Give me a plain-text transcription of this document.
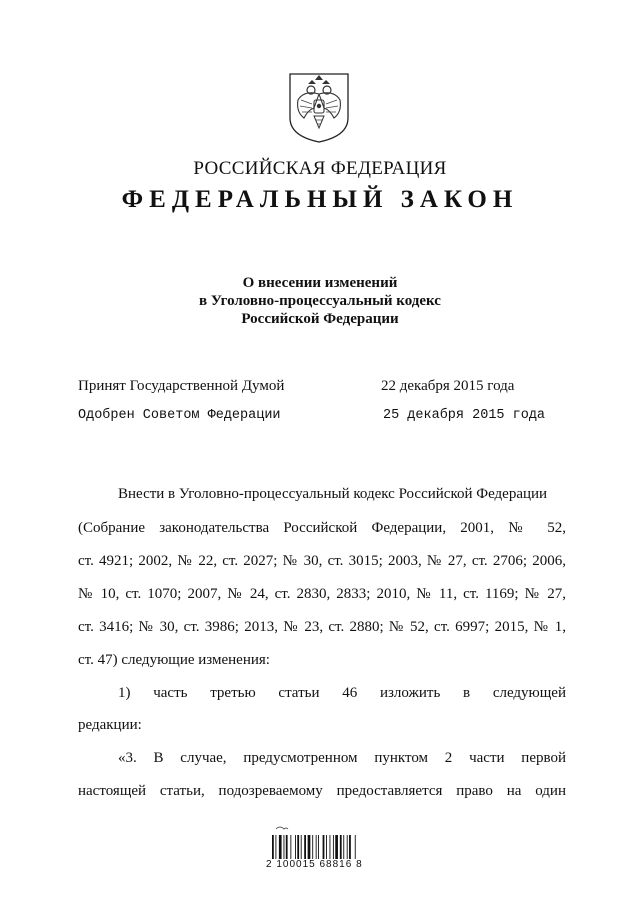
РОССИЙСКАЯ ФЕДЕРАЦИЯ
ФЕДЕРАЛЬНЫЙ ЗАКОН
О внесении изменений
в Уголовно-процессуальный кодекс
Российской Федерации
Принят Государственной Думой	22 декабря 2015 года
Одобрен Советом Федерации	25 декабря 2015 года
Внести в Уголовно-процессуальный кодекс Российской Федерации
(Собрание законодательства Российской Федерации, 2001, № 52,
ст. 4921; 2002, № 22, ст. 2027; № 30, ст. 3015; 2003, № 27, ст. 2706; 2006,
№ 10, ст. 1070; 2007, № 24, ст. 2830, 2833; 2010, № 11, ст. 1169; № 27,
ст. 3416; № 30, ст. 3986; 2013, № 23, ст. 2880; № 52, ст. 6997; 2015, № 1,
ст. 47) следующие изменения:
1) часть третью статьи 46 изложить в следующей
редакции:
«3. В случае, предусмотренном пунктом 2 части первой
настоящей статьи, подозреваемому предоставляется право на один
2 100015 68816 8
